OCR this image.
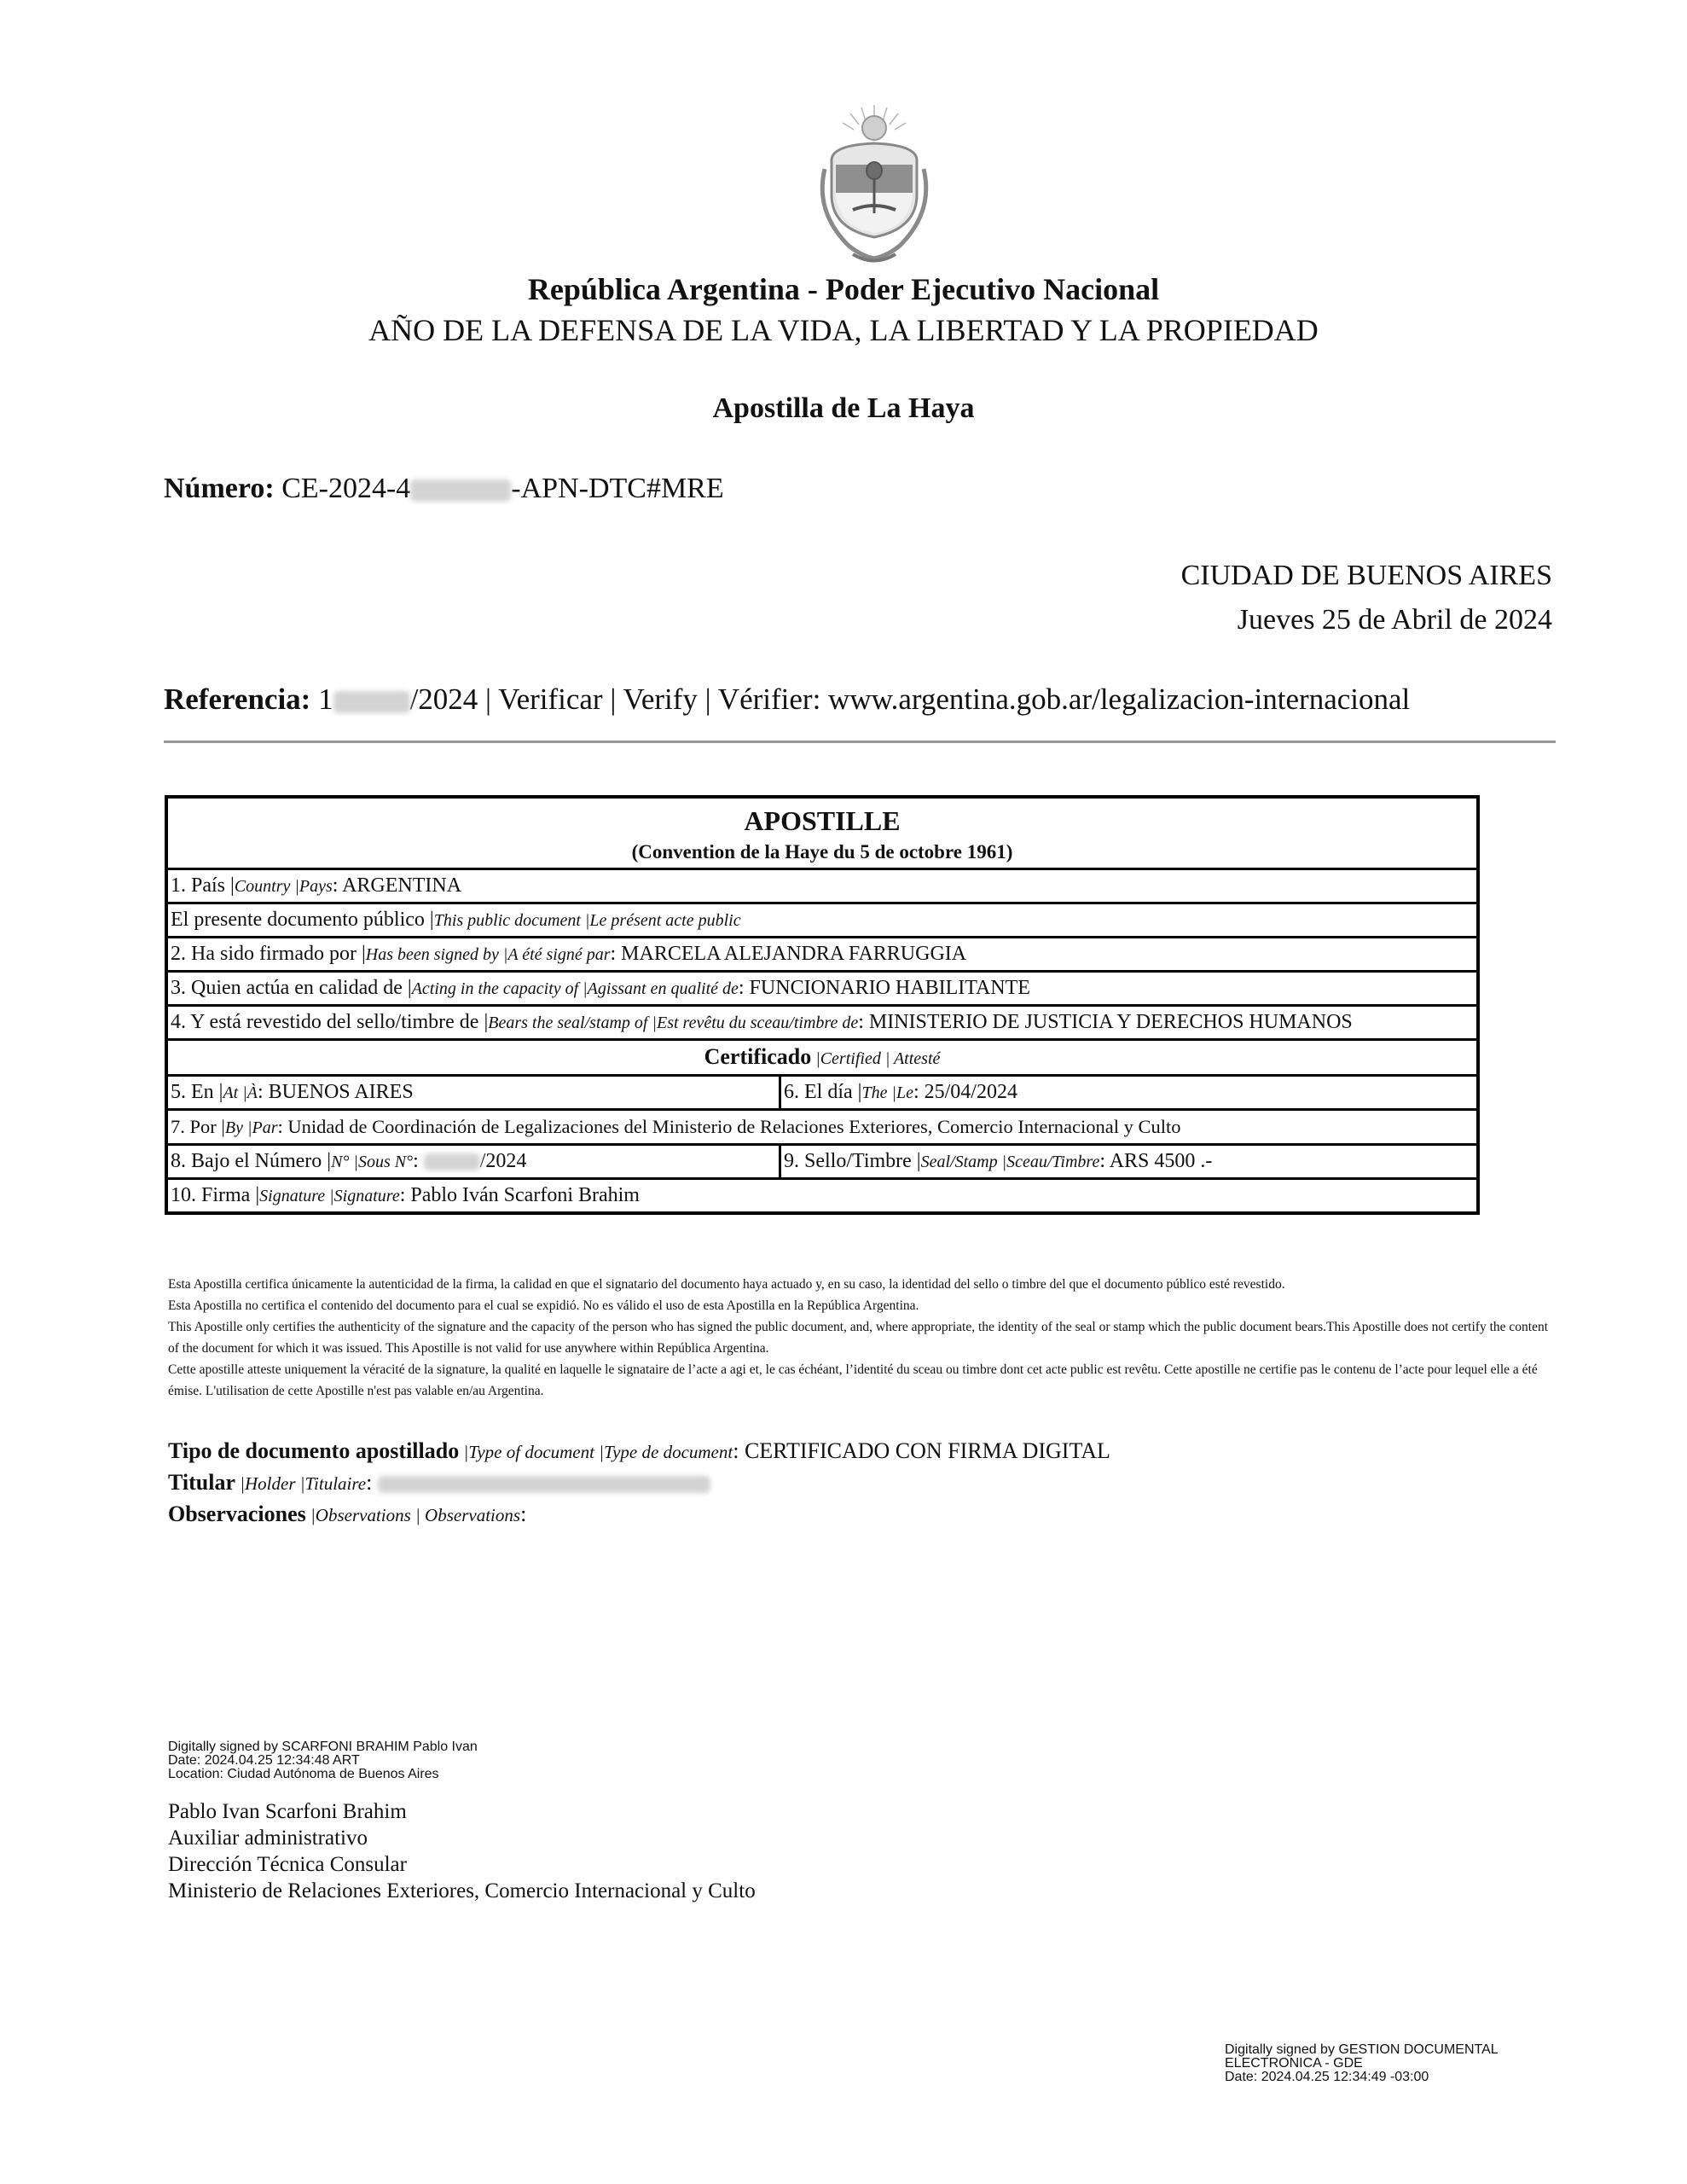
República Argentina - Poder Ejecutivo Nacional
AÑO DE LA DEFENSA DE LA VIDA, LA LIBERTAD Y LA PROPIEDAD
Apostilla de La Haya
Número: CE-2024-4	-APN-DTC#MRE
CIUDAD DE BUENOS AIRES
Jueves 25 de Abril de 2024
Referencia: 1	/2024 | Verificar | Verify | Vérifier: www.argentina.gob.ar/legalizacion-internacional
APOSTILLE
(Convention de la Haye du 5 de octobre 1961)
1. País |Country |Pays: ARGENTINA
El presente documento público |This public document |Le présent acte public
2. Ha sido firmado por |Has been signed by |A été signé par: MARCELA ALEJANDRA FARRUGGIA
3. Quien actúa en calidad de |Acting in the capacity of |Agissant en qualité de: FUNCIONARIO HABILITANTE
4. Y está revestido del sello/timbre de |Bears the seal/stamp of |Est revêtu du sceau/timbre de: MINISTERIO DE JUSTICIA Y DERECHOS HUMANOS
Certificado |Certified | Attesté
5. En |At |À: BUENOS AIRES	6. El día |The |Le: 25/04/2024
7. Por |By |Par: Unidad de Coordinación de Legalizaciones del Ministerio de Relaciones Exteriores, Comercio Internacional y Culto
8. Bajo el Número |N° |Sous N°:	/2024	9. Sello/Timbre |Seal/Stamp |Sceau/Timbre: ARS 4500 .-
10. Firma |Signature |Signature: Pablo Iván Scarfoni Brahim

Esta Apostilla certifica únicamente la autenticidad de la firma, la calidad en que el signatario del documento haya actuado y, en su caso, la identidad del sello o timbre del que el documento público esté revestido.

Esta Apostilla no certifica el contenido del documento para el cual se expidió. No es válido el uso de esta Apostilla en la República Argentina.

This Apostille only certifies the authenticity of the signature and the capacity of the person who has signed the public document, and, where appropriate, the identity of the seal or stamp which the public document bears.This Apostille does not certify the content of the document for which it was issued. This Apostille is not valid for use anywhere within República Argentina.

Cette apostille atteste uniquement la véracité de la signature, la qualité en laquelle le signataire de l’acte a agi et, le cas échéant, l’identité du sceau ou timbre dont cet acte public est revêtu. Cette apostille ne certifie pas le contenu de l’acte pour lequel elle a été émise. L'utilisation de cette Apostille n'est pas valable en/au Argentina.

Tipo de documento apostillado |Type of document |Type de document: CERTIFICADO CON FIRMA DIGITAL
Titular |Holder |Titulaire:
Observaciones |Observations | Observations:
Digitally signed by SCARFONI BRAHIM Pablo Ivan
Date: 2024.04.25 12:34:48 ART
Location: Ciudad Autónoma de Buenos Aires
Pablo Ivan Scarfoni Brahim
Auxiliar administrativo
Dirección Técnica Consular
Ministerio de Relaciones Exteriores, Comercio Internacional y Culto
Digitally signed by GESTION DOCUMENTAL
ELECTRONICA - GDE
Date: 2024.04.25 12:34:49 -03:00
